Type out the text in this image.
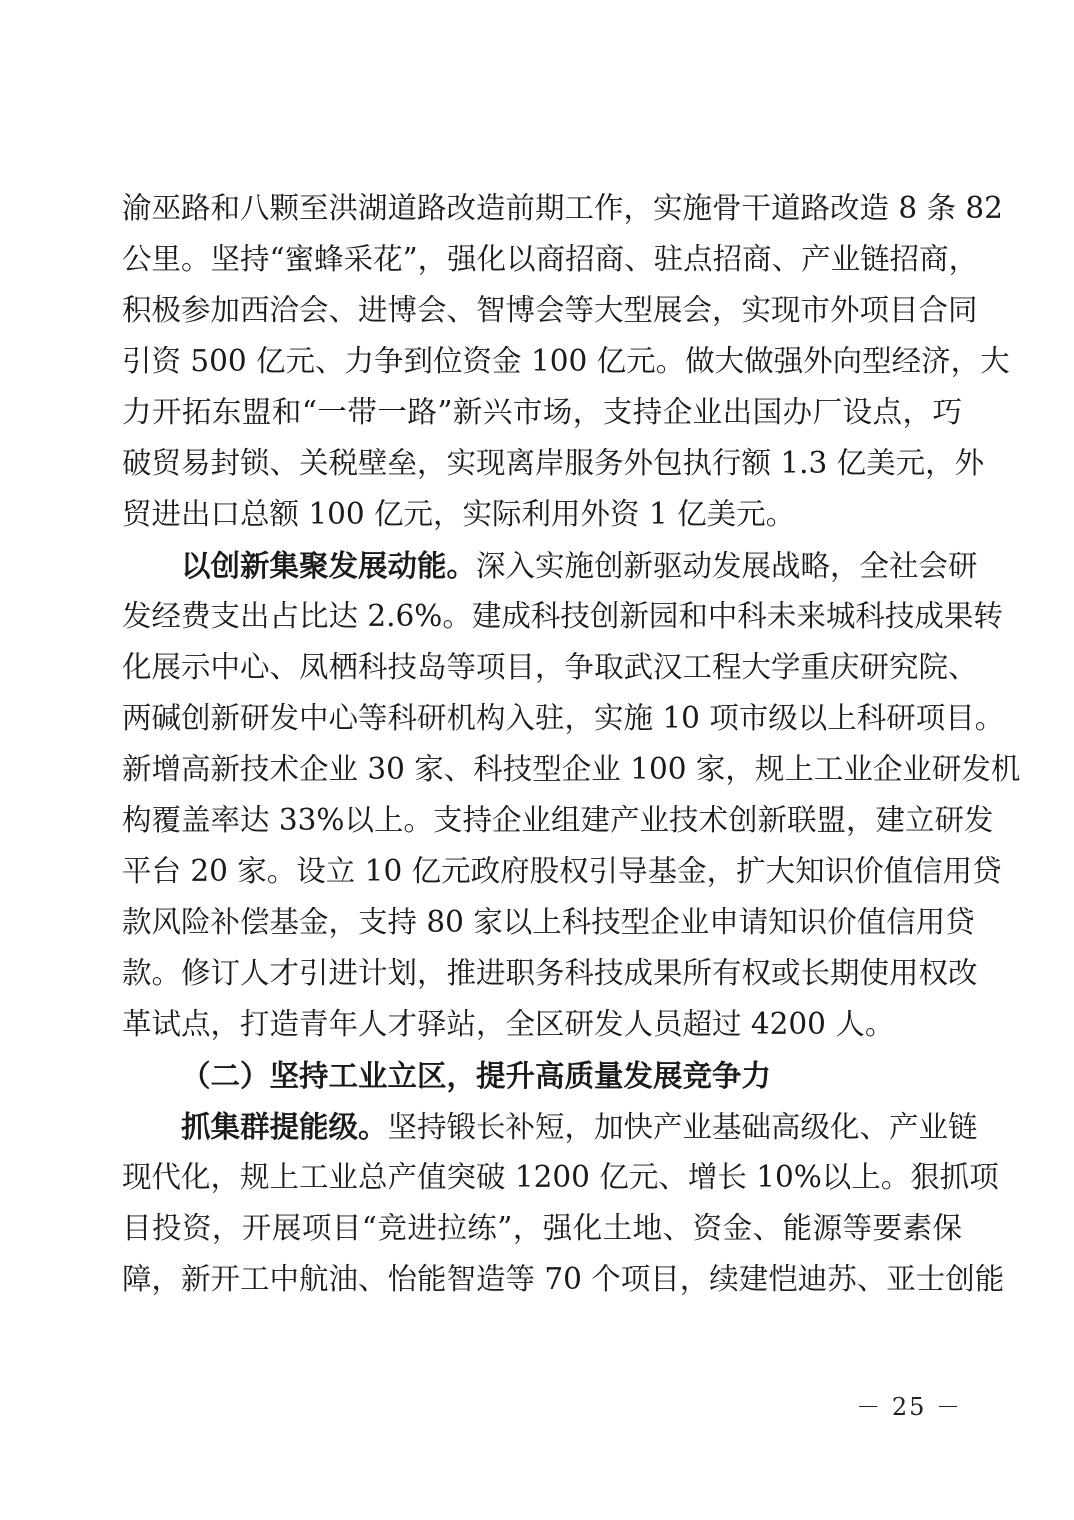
渝巫路和八颗至洪湖道路改造前期工作，实施骨干道路改造 8 条 82
公里。坚持“蜜蜂采花”，强化以商招商、驻点招商、产业链招商，
积极参加西洽会、进博会、智博会等大型展会，实现市外项目合同
引资 500 亿元、力争到位资金 100 亿元。做大做强外向型经济，大
力开拓东盟和“一带一路”新兴市场，支持企业出国办厂设点，巧
破贸易封锁、关税壁垒，实现离岸服务外包执行额 1.3 亿美元，外
贸进出口总额 100 亿元，实际利用外资 1 亿美元。
以创新集聚发展动能。深入实施创新驱动发展战略，全社会研
发经费支出占比达 2.6%。建成科技创新园和中科未来城科技成果转
化展示中心、凤栖科技岛等项目，争取武汉工程大学重庆研究院、
两碱创新研发中心等科研机构入驻，实施 10 项市级以上科研项目。
新增高新技术企业 30 家、科技型企业 100 家，规上工业企业研发机
构覆盖率达 33%以上。支持企业组建产业技术创新联盟，建立研发
平台 20 家。设立 10 亿元政府股权引导基金，扩大知识价值信用贷
款风险补偿基金，支持 80 家以上科技型企业申请知识价值信用贷
款。修订人才引进计划，推进职务科技成果所有权或长期使用权改
革试点，打造青年人才驿站，全区研发人员超过 4200 人。
（二）坚持工业立区，提升高质量发展竞争力
抓集群提能级。坚持锻长补短，加快产业基础高级化、产业链
现代化，规上工业总产值突破 1200 亿元、增长 10%以上。狠抓项
目投资，开展项目“竞进拉练”，强化土地、资金、能源等要素保
障，新开工中航油、怡能智造等 70 个项目，续建恺迪苏、亚士创能
－ 25 －
